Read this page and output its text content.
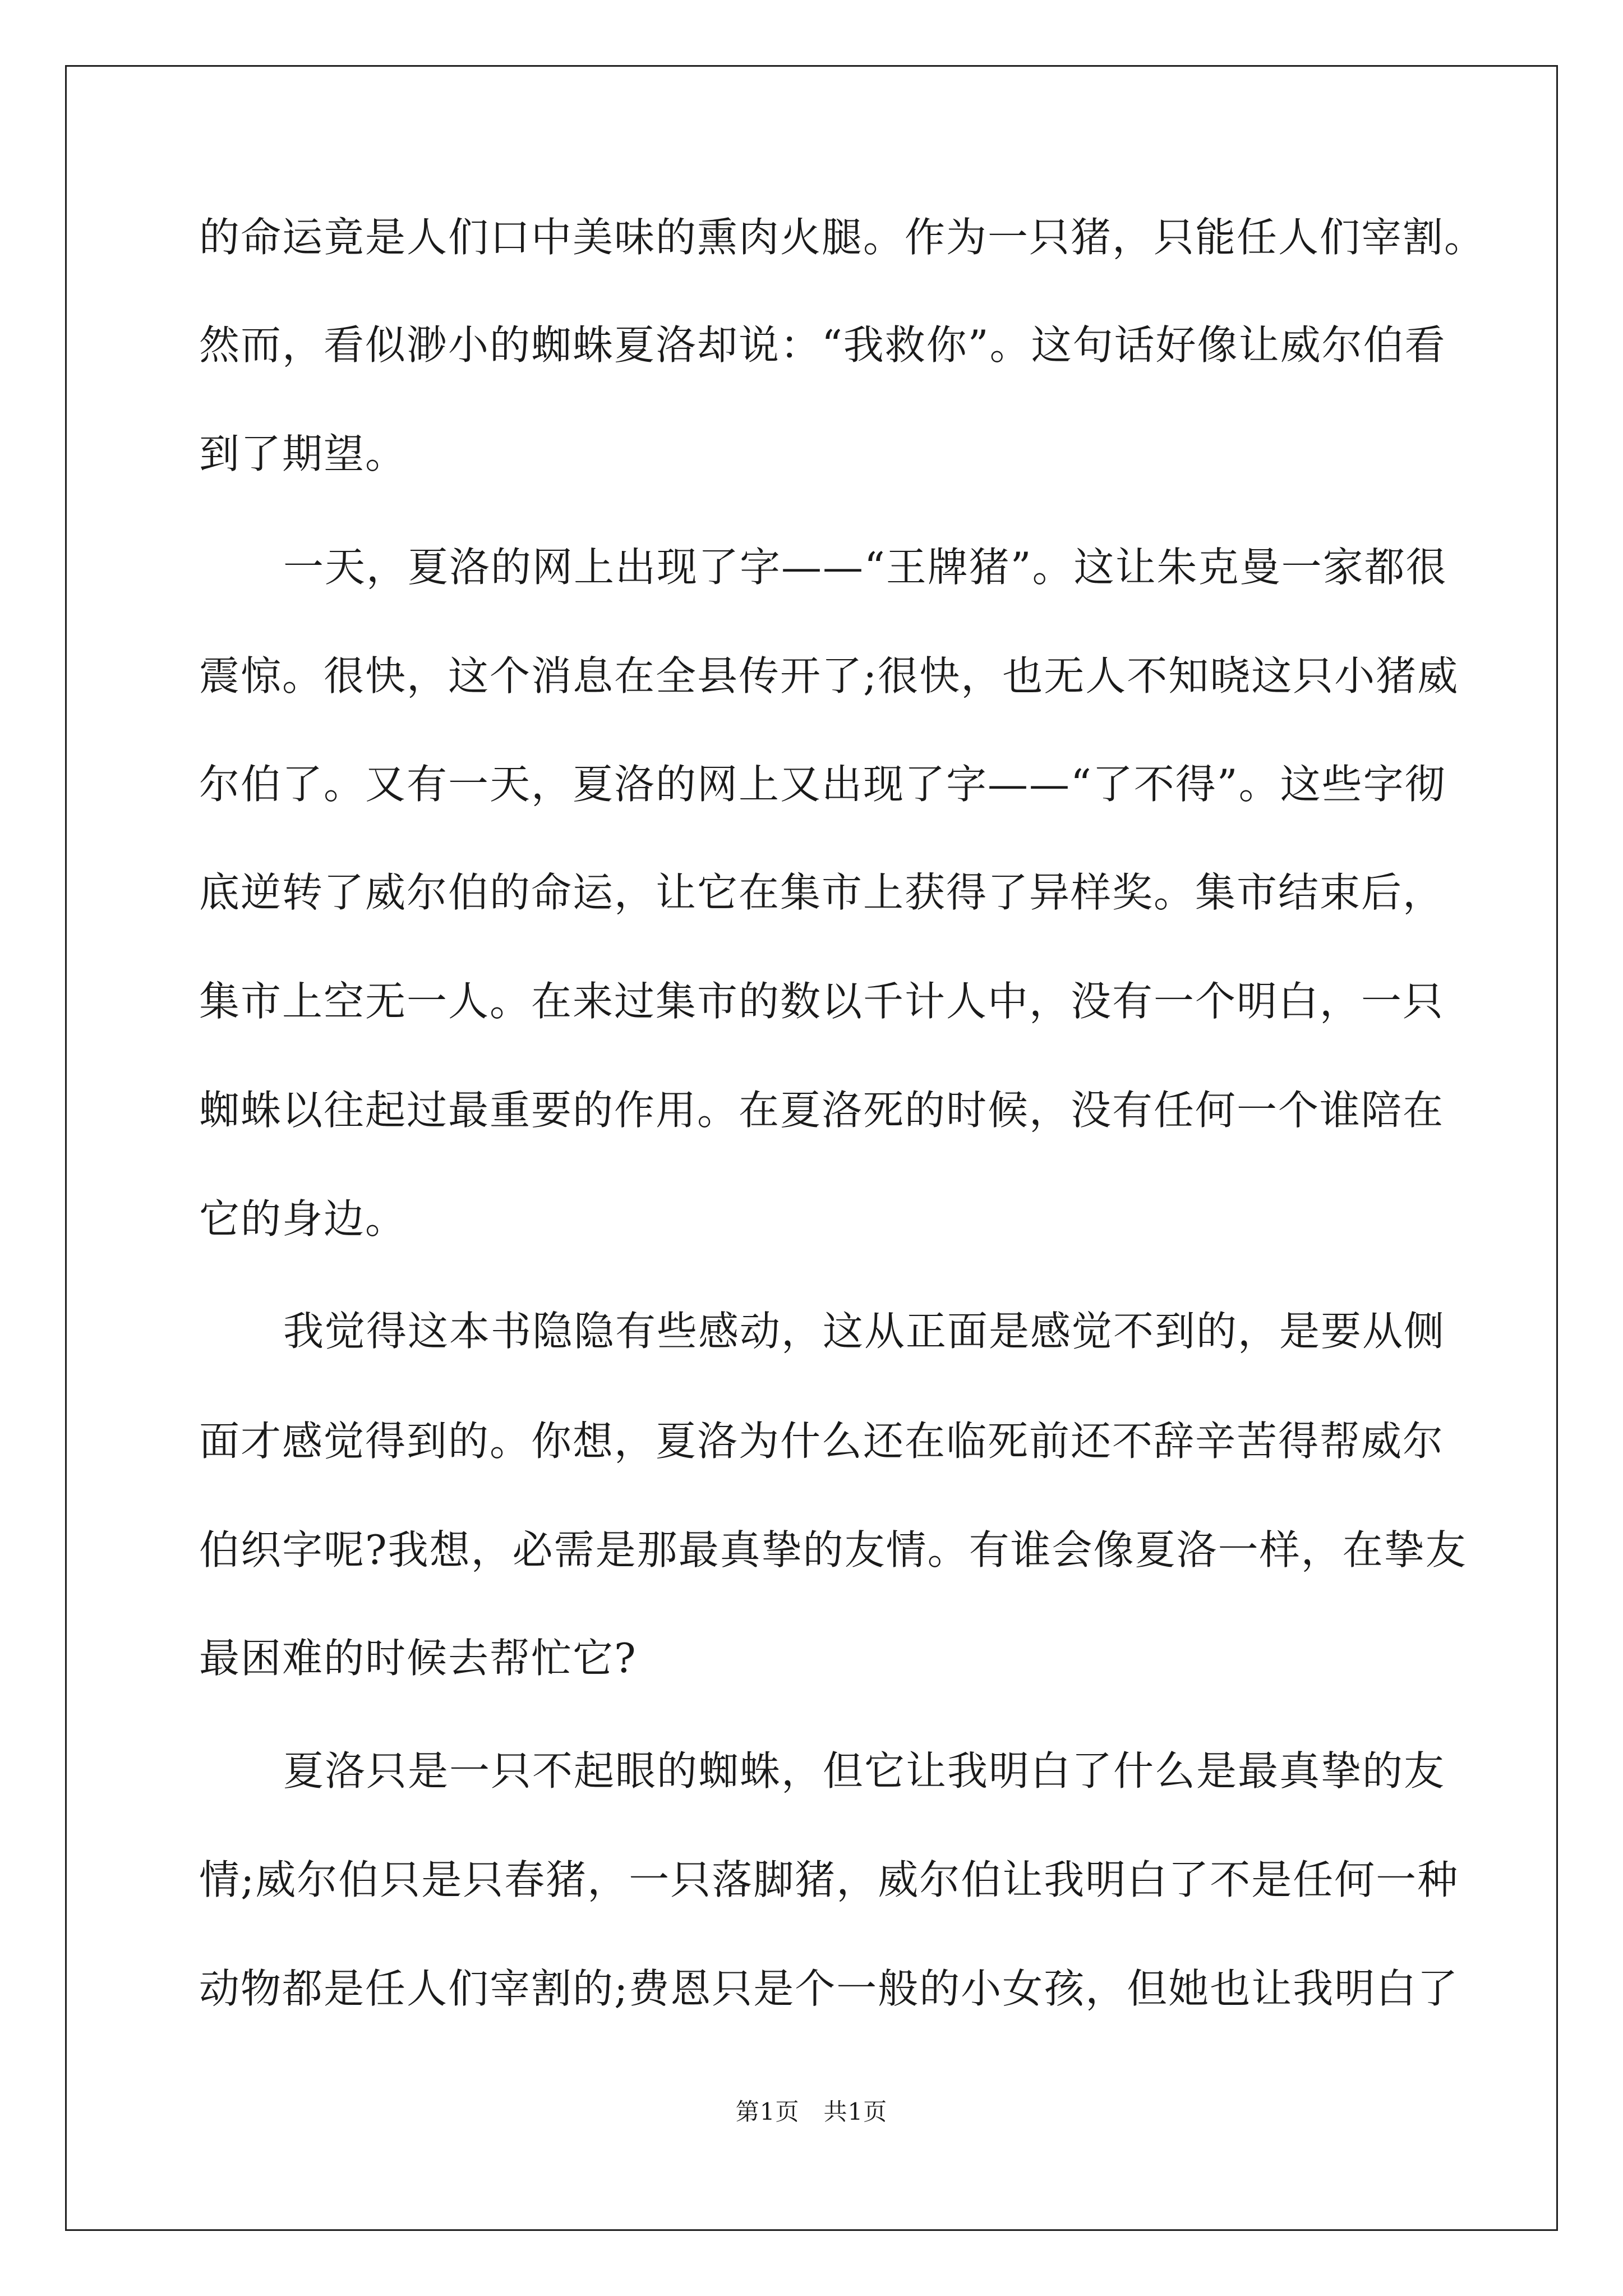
的命运竟是人们口中美味的熏肉火腿。作为一只猪，只能任人们宰割。
然而，看似渺小的蜘蛛夏洛却说：“我救你”。这句话好像让威尔伯看
到了期望。
一天，夏洛的网上出现了字——“王牌猪”。这让朱克曼一家都很
震惊。很快，这个消息在全县传开了;很快，也无人不知晓这只小猪威
尔伯了。又有一天，夏洛的网上又出现了字——“了不得”。这些字彻
底逆转了威尔伯的命运，让它在集市上获得了异样奖。集市结束后，
集市上空无一人。在来过集市的数以千计人中，没有一个明白，一只
蜘蛛以往起过最重要的作用。在夏洛死的时候，没有任何一个谁陪在
它的身边。
我觉得这本书隐隐有些感动，这从正面是感觉不到的，是要从侧
面才感觉得到的。你想，夏洛为什么还在临死前还不辞辛苦得帮威尔
伯织字呢?我想，必需是那最真挚的友情。有谁会像夏洛一样，在挚友
最困难的时候去帮忙它?
夏洛只是一只不起眼的蜘蛛，但它让我明白了什么是最真挚的友
情;威尔伯只是只春猪，一只落脚猪，威尔伯让我明白了不是任何一种
动物都是任人们宰割的;费恩只是个一般的小女孩，但她也让我明白了
第1页　共1页
